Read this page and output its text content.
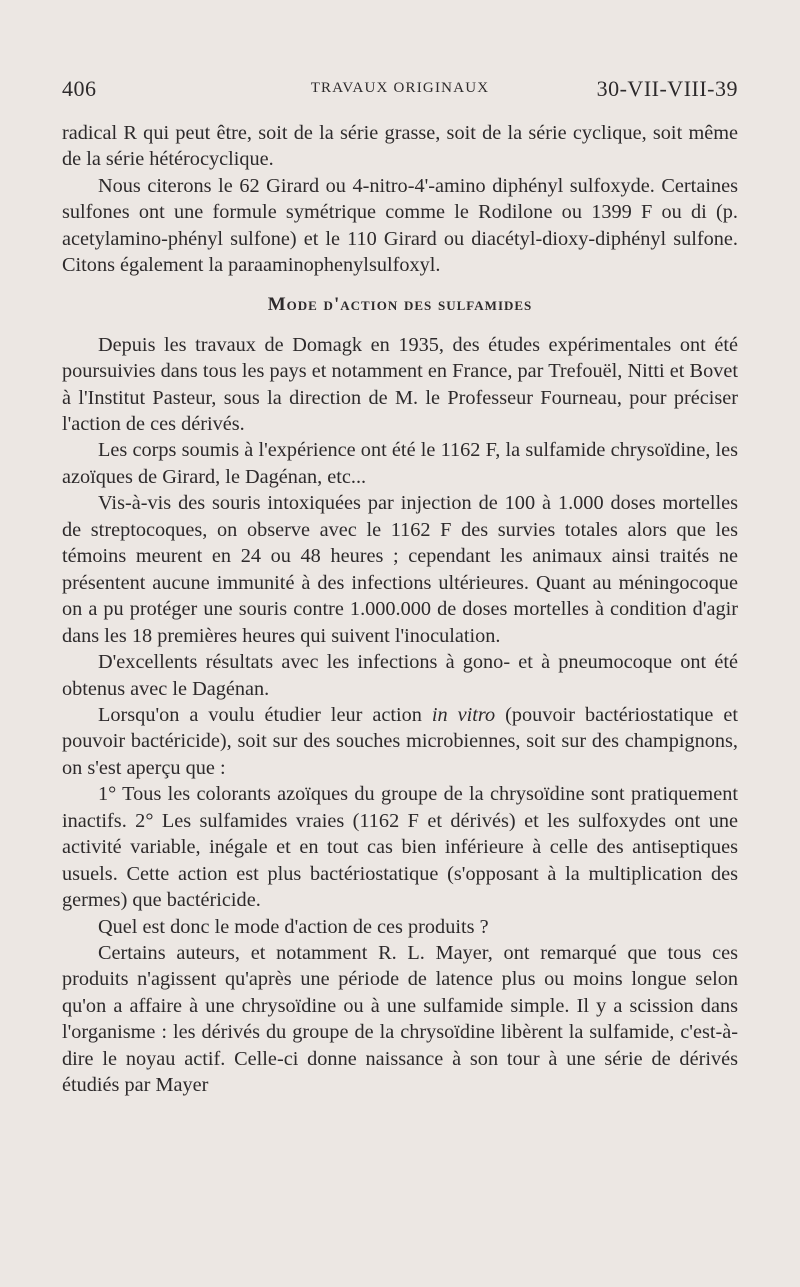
406	TRAVAUX ORIGINAUX	30-VII-VIII-39

radical R qui peut être, soit de la série grasse, soit de la série cyclique, soit même de la série hétérocyclique.

Nous citerons le 62 Girard ou 4-nitro-4'-amino diphényl sulfoxyde. Certaines sulfones ont une formule symétrique comme le Rodilone ou 1399 F ou di (p. acetylamino-phényl sulfone) et le 110 Girard ou diacétyl-dioxy-diphényl sulfone. Citons également la paraaminophenylsulfoxyl.

Mode d'action des sulfamides

Depuis les travaux de Domagk en 1935, des études expérimentales ont été poursuivies dans tous les pays et notamment en France, par Trefouël, Nitti et Bovet à l'Institut Pasteur, sous la direction de M. le Professeur Fourneau, pour préciser l'action de ces dérivés.

Les corps soumis à l'expérience ont été le 1162 F, la sulfamide chrysoïdine, les azoïques de Girard, le Dagénan, etc...

Vis-à-vis des souris intoxiquées par injection de 100 à 1.000 doses mortelles de streptocoques, on observe avec le 1162 F des survies totales alors que les témoins meurent en 24 ou 48 heures ; cependant les animaux ainsi traités ne présentent aucune immunité à des infections ultérieures. Quant au méningocoque on a pu protéger une souris contre 1.000.000 de doses mortelles à condition d'agir dans les 18 premières heures qui suivent l'inoculation.

D'excellents résultats avec les infections à gono- et à pneumocoque ont été obtenus avec le Dagénan.

Lorsqu'on a voulu étudier leur action in vitro (pouvoir bactériostatique et pouvoir bactéricide), soit sur des souches microbiennes, soit sur des champignons, on s'est aperçu que :

1° Tous les colorants azoïques du groupe de la chrysoïdine sont pratiquement inactifs. 2° Les sulfamides vraies (1162 F et dérivés) et les sulfoxydes ont une activité variable, inégale et en tout cas bien inférieure à celle des antiseptiques usuels. Cette action est plus bactériostatique (s'opposant à la multiplication des germes) que bactéricide.

Quel est donc le mode d'action de ces produits ?

Certains auteurs, et notamment R. L. Mayer, ont remarqué que tous ces produits n'agissent qu'après une période de latence plus ou moins longue selon qu'on a affaire à une chrysoïdine ou à une sulfamide simple. Il y a scission dans l'organisme : les dérivés du groupe de la chrysoïdine libèrent la sulfamide, c'est-à-dire le noyau actif. Celle-ci donne naissance à son tour à une série de dérivés étudiés par Mayer
